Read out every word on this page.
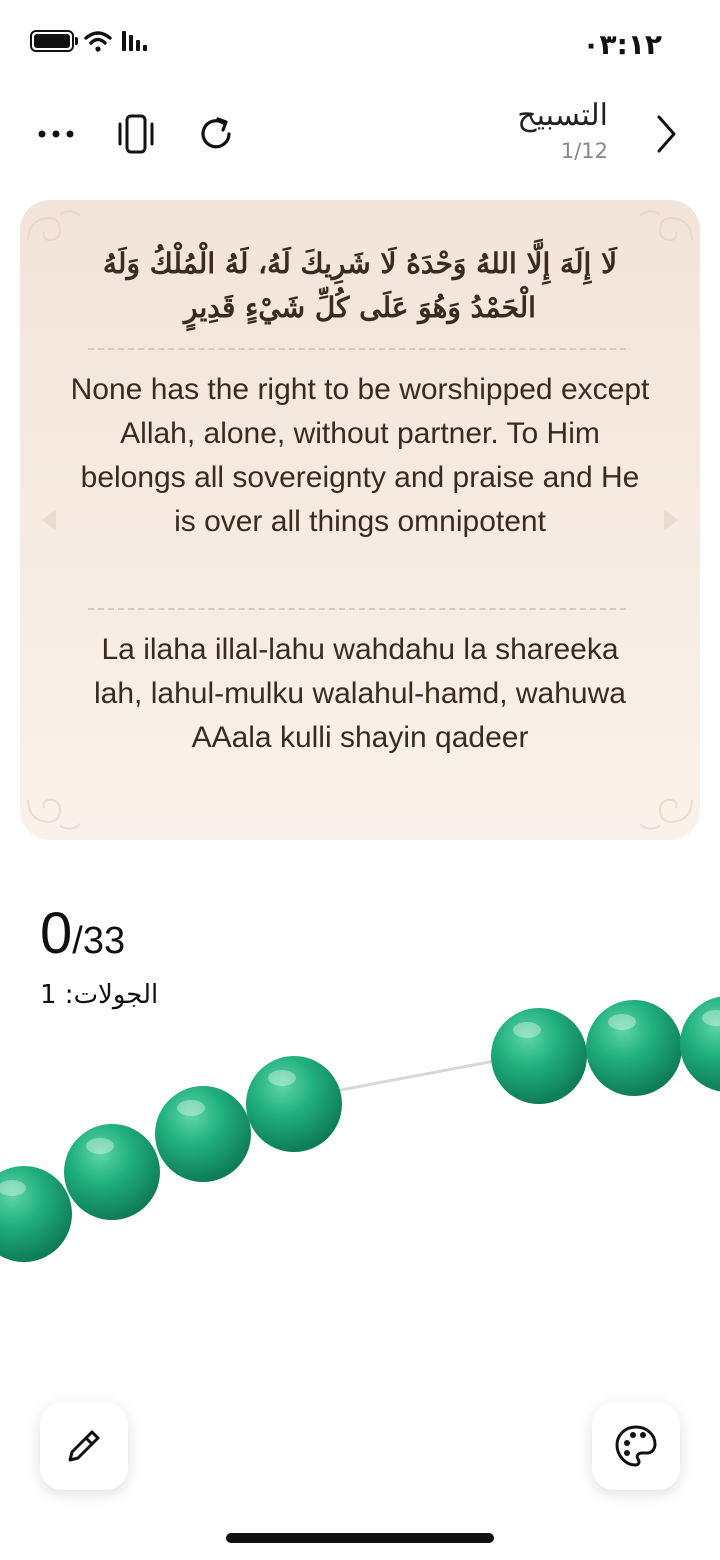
٠٣:١٢
التسبيح
1/12
لَا إِلَهَ إِلَّا اللهُ وَحْدَهُ لَا شَرِيكَ لَهُ، لَهُ الْمُلْكُ وَلَهُ الْحَمْدُ وَهُوَ عَلَى كُلِّ شَيْءٍ قَدِيرٍ
None has the right to be worshipped except Allah, alone, without partner. To Him belongs all sovereignty and praise and He is over all things omnipotent
La ilaha illal-lahu wahdahu la shareeka lah, lahul-mulku walahul-hamd, wahuwa AAala kulli shayin qadeer
0/33
الجولات: 1
